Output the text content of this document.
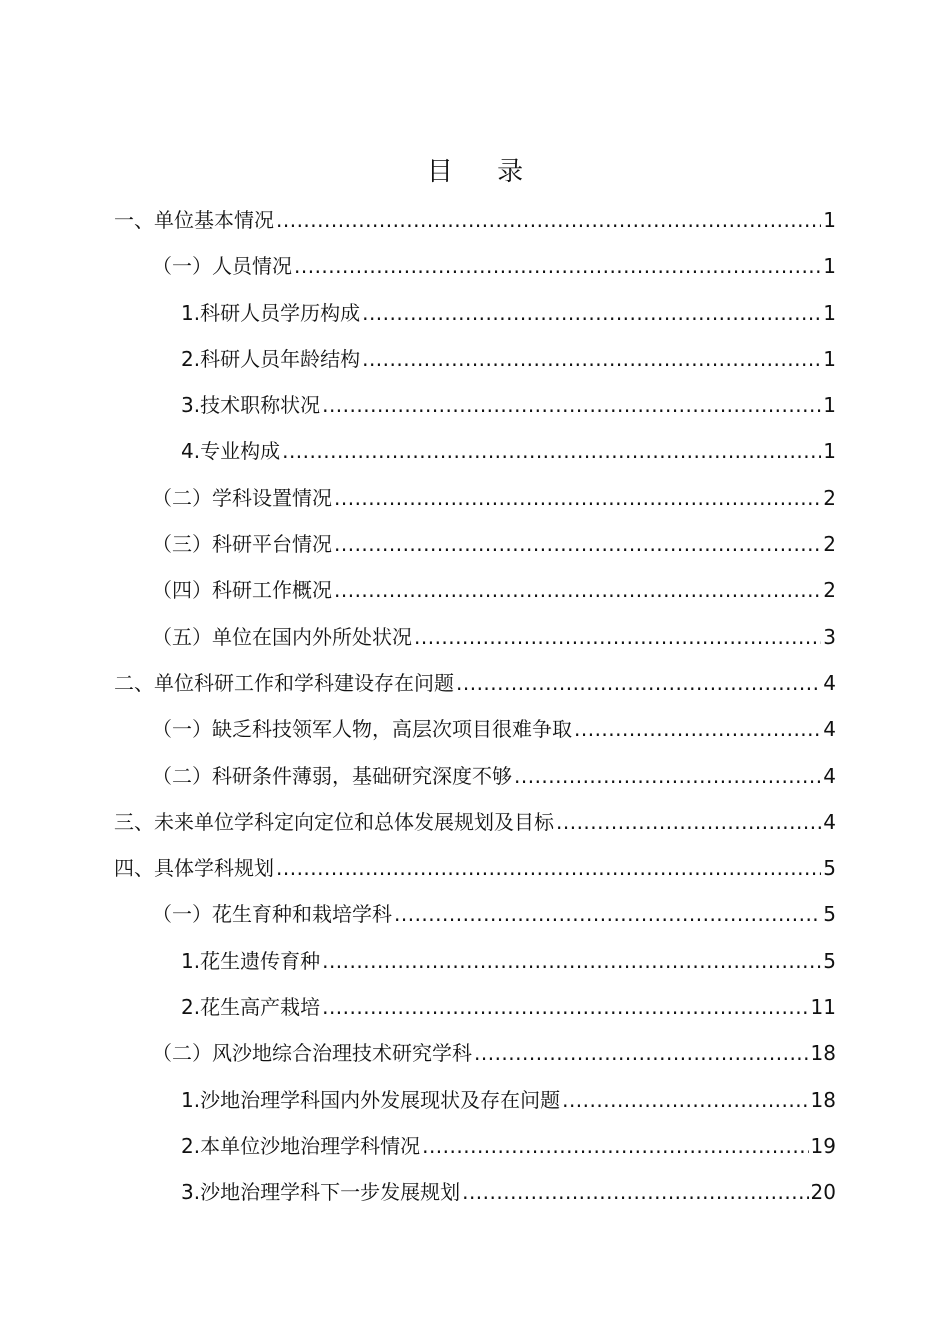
目 录
一、单位基本情况 .....	1
（一）人员情况 .....	1
1.科研人员学历构成 .....	1
2.科研人员年龄结构 .....	1
3.技术职称状况 .....	1
4.专业构成 .....	1
（二）学科设置情况 .....	2
（三）科研平台情况 .....	2
（四）科研工作概况 .....	2
（五）单位在国内外所处状况 .....	3
二、单位科研工作和学科建设存在问题 .....	4
（一）缺乏科技领军人物，高层次项目很难争取 .....	4
（二）科研条件薄弱，基础研究深度不够 .....	4
三、未来单位学科定向定位和总体发展规划及目标 .....	4
四、具体学科规划 .....	5
（一）花生育种和栽培学科 .....	5
1.花生遗传育种 .....	5
2.花生高产栽培 .....	11
（二）风沙地综合治理技术研究学科 .....	18
1.沙地治理学科国内外发展现状及存在问题 .....	18
2.本单位沙地治理学科情况 .....	19
3.沙地治理学科下一步发展规划 .....	20
